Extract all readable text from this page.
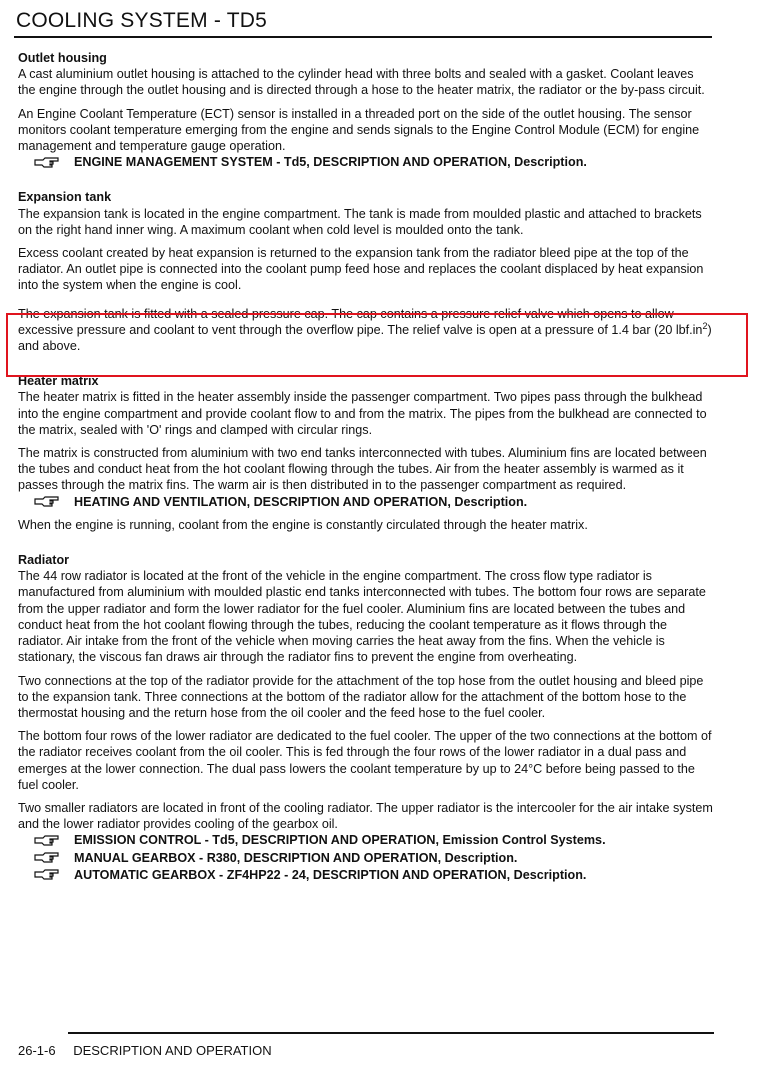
COOLING SYSTEM - TD5
Outlet housing

A cast aluminium outlet housing is attached to the cylinder head with three bolts and sealed with a gasket. Coolant leaves the engine through the outlet housing and is directed through a hose to the heater matrix, the radiator or the by-pass circuit.

An Engine Coolant Temperature (ECT) sensor is installed in a threaded port on the side of the outlet housing. The sensor monitors coolant temperature emerging from the engine and sends signals to the Engine Control Module (ECM) for engine management and temperature gauge operation.

ENGINE MANAGEMENT SYSTEM - Td5, DESCRIPTION AND OPERATION, Description.
Expansion tank

The expansion tank is located in the engine compartment. The tank is made from moulded plastic and attached to brackets on the right hand inner wing. A maximum coolant when cold level is moulded onto the tank.

Excess coolant created by heat expansion is returned to the expansion tank from the radiator bleed pipe at the top of the radiator. An outlet pipe is connected into the coolant pump feed hose and replaces the coolant displaced by heat expansion into the system when the engine is cool.

The expansion tank is fitted with a sealed pressure cap. The cap contains a pressure relief valve which opens to allow excessive pressure and coolant to vent through the overflow pipe. The relief valve is open at a pressure of 1.4 bar (20 $lbf.in^2$) and above.

Heater matrix

The heater matrix is fitted in the heater assembly inside the passenger compartment. Two pipes pass through the bulkhead into the engine compartment and provide coolant flow to and from the matrix. The pipes from the bulkhead are connected to the matrix, sealed with 'O' rings and clamped with circular rings.

The matrix is constructed from aluminium with two end tanks interconnected with tubes. Aluminium fins are located between the tubes and conduct heat from the hot coolant flowing through the tubes. Air from the heater assembly is warmed as it passes through the matrix fins. The warm air is then distributed in to the passenger compartment as required.

HEATING AND VENTILATION, DESCRIPTION AND OPERATION, Description.

When the engine is running, coolant from the engine is constantly circulated through the heater matrix.

Radiator

The 44 row radiator is located at the front of the vehicle in the engine compartment. The cross flow type radiator is manufactured from aluminium with moulded plastic end tanks interconnected with tubes. The bottom four rows are separate from the upper radiator and form the lower radiator for the fuel cooler. Aluminium fins are located between the tubes and conduct heat from the hot coolant flowing through the tubes, reducing the coolant temperature as it flows through the radiator. Air intake from the front of the vehicle when moving carries the heat away from the fins. When the vehicle is stationary, the viscous fan draws air through the radiator fins to prevent the engine from overheating.

Two connections at the top of the radiator provide for the attachment of the top hose from the outlet housing and bleed pipe to the expansion tank. Three connections at the bottom of the radiator allow for the attachment of the bottom hose to the thermostat housing and the return hose from the oil cooler and the feed hose to the fuel cooler.

The bottom four rows of the lower radiator are dedicated to the fuel cooler. The upper of the two connections at the bottom of the radiator receives coolant from the oil cooler. This is fed through the four rows of the lower radiator in a dual pass and emerges at the lower connection. The dual pass lowers the coolant temperature by up to 24°C before being passed to the fuel cooler.

Two smaller radiators are located in front of the cooling radiator. The upper radiator is the intercooler for the air intake system and the lower radiator provides cooling of the gearbox oil.

EMISSION CONTROL - Td5, DESCRIPTION AND OPERATION, Emission Control Systems.
MANUAL GEARBOX - R380, DESCRIPTION AND OPERATION, Description.
AUTOMATIC GEARBOX - ZF4HP22 - 24, DESCRIPTION AND OPERATION, Description.
26-1-6 DESCRIPTION AND OPERATION
